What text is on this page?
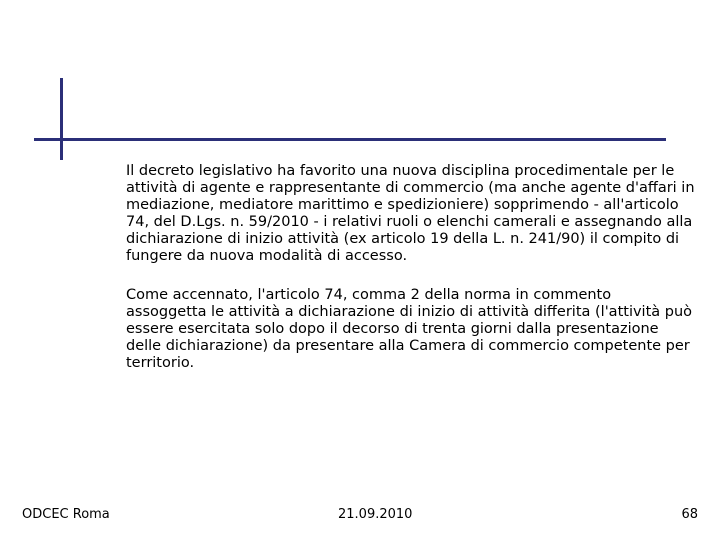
Il decreto legislativo ha favorito una nuova disciplina procedimentale per le attività di agente e rappresentante di commercio (ma anche agente d'affari in mediazione, mediatore marittimo e spedizioniere) sopprimendo - all'articolo 74, del D.Lgs. n. 59/2010 - i relativi ruoli o elenchi camerali e assegnando alla dichiarazione di inizio attività (ex articolo 19 della L. n. 241/90) il compito di fungere da nuova modalità di accesso.

Come accennato, l'articolo 74, comma 2 della norma in commento assoggetta le attività a dichiarazione di inizio di attività differita (l'attività può essere esercitata solo dopo il decorso di trenta giorni dalla presentazione delle dichiarazione) da presentare alla Camera di commercio competente per territorio.

ODCEC Roma	21.09.2010	68
